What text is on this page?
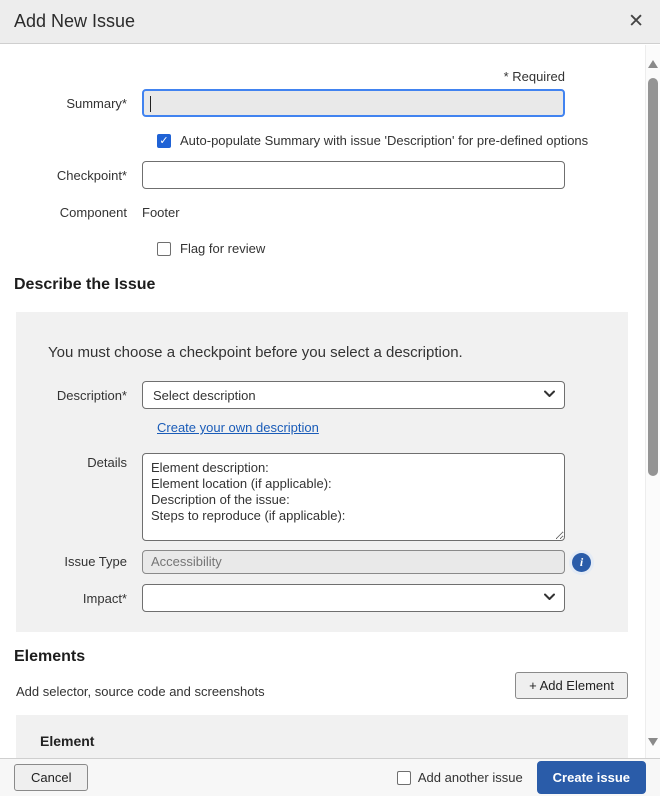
Add New Issue	✕
* Required
Summary*
✓ Auto-populate Summary with issue 'Description' for pre-defined options
Checkpoint*
Component	Footer
Flag for review
Describe the Issue
You must choose a checkpoint before you select a description.
Description*	Select description
Create your own description
Details
Element description: Element location (if applicable): Description of the issue: Steps to reproduce (if applicable):
Issue Type	Accessibility	i
Impact*
Elements
Add selector, source code and screenshots	+ Add Element
Element
Cancel	Add another issue	Create issue
